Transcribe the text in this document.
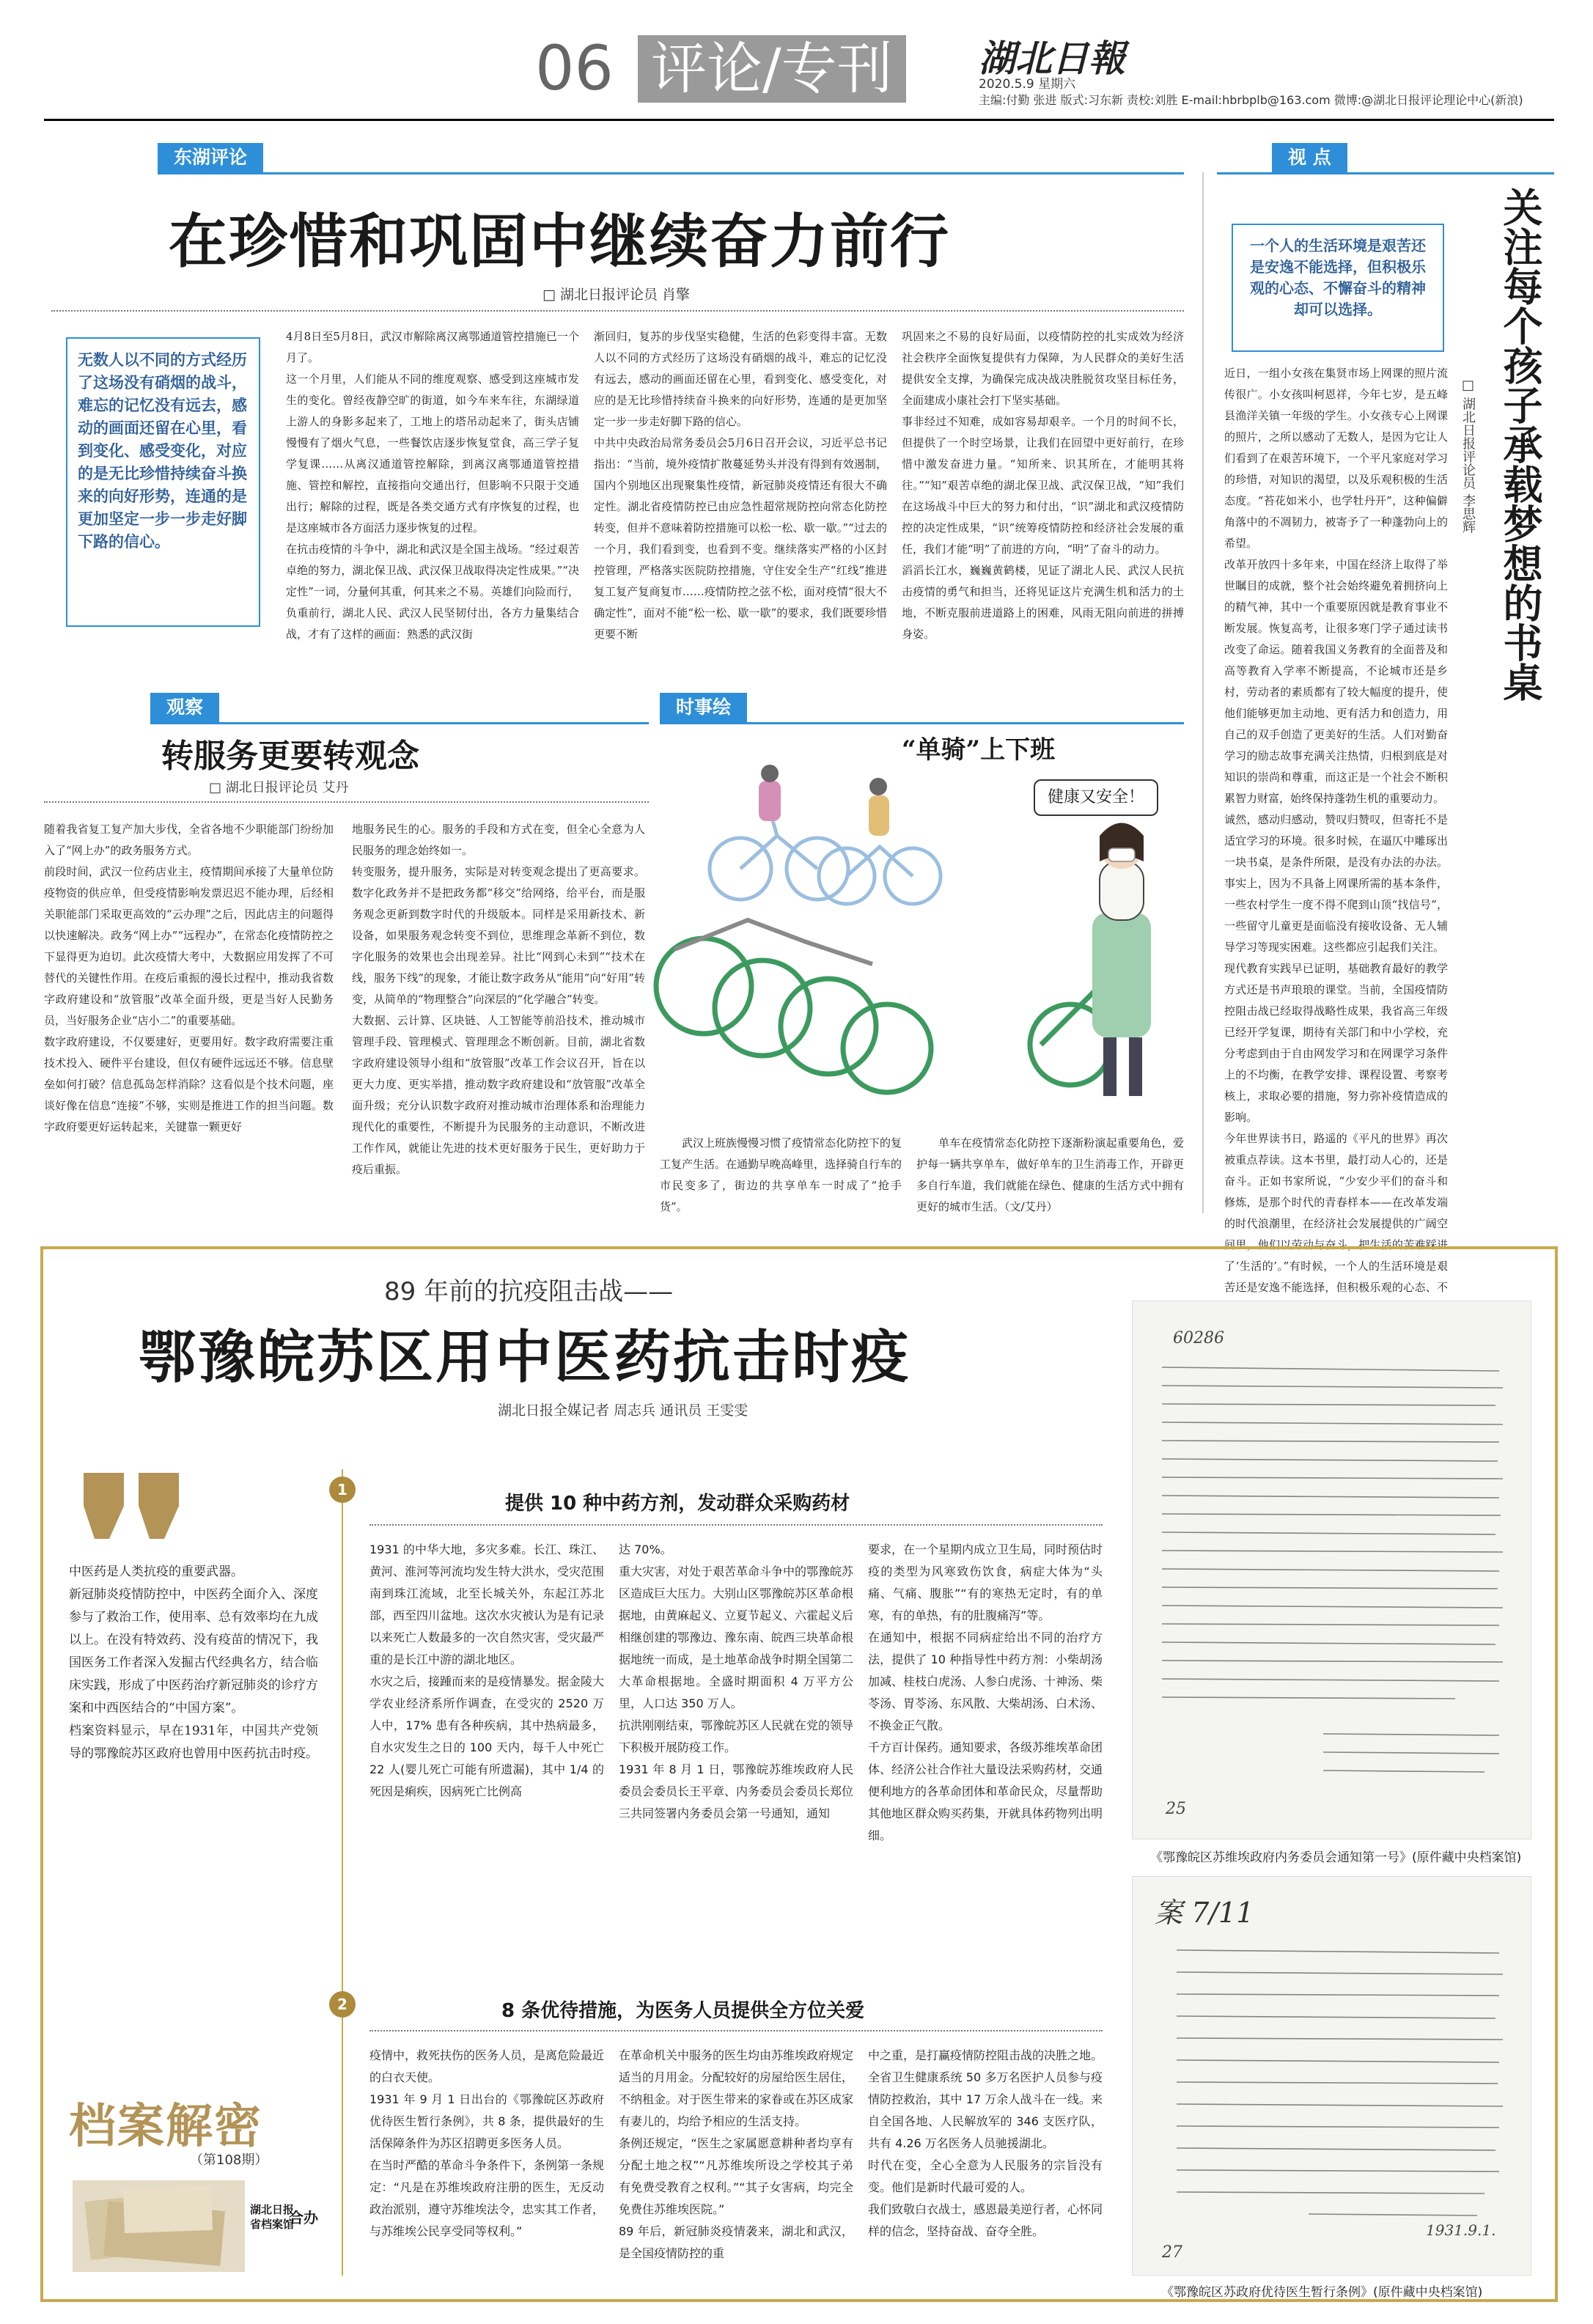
06 评论/专刊	湖北日報
2020.5.9 星期六
主编:付勤 张进 版式:习东新 责校:刘胜 E-mail:hbrbplb@163.com 微博:@湖北日报评论理论中心(新浪)
东湖评论
在珍惜和巩固中继续奋力前行
□ 湖北日报评论员 肖擎
无数人以不同的方式经历了这场没有硝烟的战斗，难忘的记忆没有远去，感动的画面还留在心里，看到变化、感受变化，对应的是无比珍惜持续奋斗换来的向好形势，连通的是更加坚定一步一步走好脚下路的信心。
4月8日至5月8日，武汉市解除离汉离鄂通道管控措施已一个月了。
这一个月里，人们能从不同的维度观察、感受到这座城市发生的变化。曾经夜静空旷的街道，如今车来车往，东湖绿道上游人的身影多起来了，工地上的塔吊动起来了，街头店铺慢慢有了烟火气息，一些餐饮店逐步恢复堂食，高三学子复学复课……从离汉通道管控解除，到离汉离鄂通道管控措施、管控和解控，直接指向交通出行，但影响不只限于交通出行；解除的过程，既是各类交通方式有序恢复的过程，也是这座城市各方面活力逐步恢复的过程。
在抗击疫情的斗争中，湖北和武汉是全国主战场。“经过艰苦卓绝的努力，湖北保卫战、武汉保卫战取得决定性成果。”“决定性”一词，分量何其重，何其来之不易。英雄们向险而行，负重前行，湖北人民、武汉人民坚韧付出，各方力量集结合战，才有了这样的画面：熟悉的武汉街
渐回归，复苏的步伐坚实稳健，生活的色彩变得丰富。无数人以不同的方式经历了这场没有硝烟的战斗，难忘的记忆没有远去，感动的画面还留在心里，看到变化、感受变化，对应的是无比珍惜持续奋斗换来的向好形势，连通的是更加坚定一步一步走好脚下路的信心。
中共中央政治局常务委员会5月6日召开会议，习近平总书记指出：“当前，境外疫情扩散蔓延势头并没有得到有效遏制，国内个别地区出现聚集性疫情，新冠肺炎疫情还有很大不确定性。湖北省疫情防控已由应急性超常规防控向常态化防控转变，但并不意味着防控措施可以松一松、歇一歇。”“过去的一个月，我们看到变，也看到不变。继续落实严格的小区封控管理，严格落实医院防控措施，守住安全生产“红线”推进复工复产复商复市……疫情防控之弦不松，面对疫情“很大不确定性”，面对不能“松一松、歇一歇”的要求，我们既要珍惜更要不断
巩固来之不易的良好局面，以疫情防控的扎实成效为经济社会秩序全面恢复提供有力保障，为人民群众的美好生活提供安全支撑，为确保完成决战决胜脱贫攻坚目标任务，全面建成小康社会打下坚实基础。
事非经过不知难，成如容易却艰辛。一个月的时间不长，但提供了一个时空场景，让我们在回望中更好前行，在珍惜中激发奋进力量。“知所来、识其所在，才能明其将往。”“知”艰苦卓绝的湖北保卫战、武汉保卫战，“知”我们在这场战斗中巨大的努力和付出，“识”湖北和武汉疫情防控的决定性成果，“识”统筹疫情防控和经济社会发展的重任，我们才能“明”了前进的方向，“明”了奋斗的动力。
滔滔长江水，巍巍黄鹤楼，见证了湖北人民、武汉人民抗击疫情的勇气和担当，还将见证这片充满生机和活力的土地，不断克服前进道路上的困难，风雨无阻向前进的拼搏身姿。
观察
转服务更要转观念
□ 湖北日报评论员 艾丹
随着我省复工复产加大步伐，全省各地不少职能部门纷纷加入了“网上办”的政务服务方式。
前段时间，武汉一位药店业主，疫情期间承接了大量单位防疫物资的供应单，但受疫情影响发票迟迟不能办理，后经相关职能部门采取更高效的“云办理”之后，因此店主的问题得以快速解决。政务“网上办”“远程办”，在常态化疫情防控之下显得更为迫切。此次疫情大考中，大数据应用发挥了不可替代的关键性作用。在疫后重振的漫长过程中，推动我省数字政府建设和“放管服”改革全面升级，更是当好人民勤务员，当好服务企业“店小二”的重要基础。
数字政府建设，不仅要建好，更要用好。数字政府需要注重技术投入、硬件平台建设，但仅有硬件远远还不够。信息壁垒如何打破？信息孤岛怎样消除？这看似是个技术问题，座谈好像在信息“连接”不够，实则是推进工作的担当问题。数字政府要更好运转起来，关键靠一颗更好
地服务民生的心。服务的手段和方式在变，但全心全意为人民服务的理念始终如一。
转变服务，提升服务，实际是对转变观念提出了更高要求。数字化政务并不是把政务都“移交”给网络，给平台，而是服务观念更新到数字时代的升级版本。同样是采用新技术、新设备，如果服务观念转变不到位，思维理念革新不到位，数字化服务的效果也会出现差异。社比“网到心未到”“技术在线，服务下线”的现象，才能让数字政务从“能用”向“好用”转变，从简单的“物理整合”向深层的“化学融合”转变。
大数据、云计算、区块链、人工智能等前沿技术，推动城市管理手段、管理模式、管理理念不断创新。目前，湖北省数字政府建设领导小组和“放管服”改革工作会议召开，旨在以更大力度、更实举措，推动数字政府建设和“放管服”改革全面升级；充分认识数字政府对推动城市治理体系和治理能力现代化的重要性，不断提升为民服务的主动意识，不断改进工作作风，就能让先进的技术更好服务于民生，更好助力于疫后重振。
时事绘
“单骑”上下班
健康又安全！
武汉上班族慢慢习惯了疫情常态化防控下的复工复产生活。在通勤早晚高峰里，选择骑自行车的市民变多了，街边的共享单车一时成了“抢手货”。
单车在疫情常态化防控下逐渐粉演起重要角色，爱护每一辆共享单车，做好单车的卫生消毒工作，开辟更多自行车道，我们就能在绿色、健康的生活方式中拥有更好的城市生活。（文/艾丹）
视 点
一个人的生活环境是艰苦还是安逸不能选择，但积极乐观的心态、不懈奋斗的精神却可以选择。	关注每个孩子承载梦想的书桌
□ 湖北日报评论员 李思辉
近日，一组小女孩在集贤市场上网课的照片流传很广。小女孩叫柯恩祥，今年七岁，是五峰县渔洋关镇一年级的学生。小女孩专心上网课的照片，之所以感动了无数人，是因为它让人们看到了在艰苦环境下，一个平凡家庭对学习的珍惜，对知识的渴望，以及乐观积极的生活态度。“苔花如米小，也学牡丹开”，这种偏僻角落中的不凋韧力，被寄予了一种蓬勃向上的希望。
改革开放四十多年来，中国在经济上取得了举世瞩目的成就，整个社会始终避免着拥挤向上的精气神，其中一个重要原因就是教育事业不断发展。恢复高考，让很多寒门学子通过读书改变了命运。随着我国义务教育的全面普及和高等教育入学率不断提高，不论城市还是乡村，劳动者的素质都有了较大幅度的提升，使他们能够更加主动地、更有活力和创造力，用自己的双手创造了更美好的生活。人们对勤奋学习的励志故事充满关注热情，归根到底是对知识的崇尚和尊重，而这正是一个社会不断积累智力财富，始终保持蓬勃生机的重要动力。
诚然，感动归感动，赞叹归赞叹，但寄托不是适宜学习的环境。很多时候，在逼仄中雕琢出一块书桌，是条件所限，是没有办法的办法。事实上，因为不具备上网课所需的基本条件，一些农村学生一度不得不爬到山顶“找信号”，一些留守儿童更是面临没有接收设备、无人辅导学习等现实困难。这些都应引起我们关注。
现代教育实践早已证明，基础教育最好的教学方式还是书声琅琅的课堂。当前，全国疫情防控阻击战已经取得战略性成果，我省高三年级已经开学复课，期待有关部门和中小学校，充分考虑到由于自由网发学习和在网课学习条件上的不均衡，在教学安排、课程设置、考察考核上，求取必要的措施，努力弥补疫情造成的影响。
今年世界读书日，路遥的《平凡的世界》再次被重点荐读。这本书里，最打动人心的，还是奋斗。正如书家所说，“少安少平们的奋斗和修炼，是那个时代的青春样本——在改革发端的时代浪潮里，在经济社会发展提供的广阔空间里，他们以劳动与奋斗，把生活的苦难踩进了‘生活的’。”有时候，一个人的生活环境是艰苦还是安逸不能选择，但积极乐观的心态、不
89 年前的抗疫阻击战——
鄂豫皖苏区用中医药抗击时疫
湖北日报全媒记者 周志兵 通讯员 王雯雯
中医药是人类抗疫的重要武器。
新冠肺炎疫情防控中，中医药全面介入、深度参与了救治工作，使用率、总有效率均在九成以上。在没有特效药、没有疫苗的情况下，我国医务工作者深入发掘古代经典名方，结合临床实践，形成了中医药治疗新冠肺炎的诊疗方案和中西医结合的“中国方案”。
档案资料显示，早在1931年，中国共产党领导的鄂豫皖苏区政府也曾用中医药抗击时疫。
档案解密
（第108期）
湖北日报 省档案馆
合办
1
提供 10 种中药方剂，发动群众采购药材
1931 的中华大地，多灾多难。长江、珠江、黄河、淮河等河流均发生特大洪水，受灾范围南到珠江流域，北至长城关外，东起江苏北部，西至四川盆地。这次水灾被认为是有记录以来死亡人数最多的一次自然灾害，受灾最严重的是长江中游的湖北地区。
水灾之后，接踵而来的是疫情暴发。据金陵大学农业经济系所作调查，在受灾的 2520 万人中，17% 患有各种疾病，其中热病最多，自水灾发生之日的 100 天内，每千人中死亡 22 人(婴儿死亡可能有所遗漏)，其中 1/4 的死因是痢疾，因病死亡比例高
达 70%。
重大灾害，对处于艰苦革命斗争中的鄂豫皖苏区造成巨大压力。大别山区鄂豫皖苏区革命根据地，由黄麻起义、立夏节起义、六霍起义后相继创建的鄂豫边、豫东南、皖西三块革命根据地统一而成，是土地革命战争时期全国第二大革命根据地。全盛时期面积 4 万平方公里，人口达 350 万人。
抗洪刚刚结束，鄂豫皖苏区人民就在党的领导下积极开展防疫工作。
1931 年 8 月 1 日，鄂豫皖苏维埃政府人民委员会委员长王平章、内务委员会委员长郑位三共同签署内务委员会第一号通知，通知
要求，在一个星期内成立卫生局，同时预估时疫的类型为风寒致伤饮食，病症大体为“头痛、气痛、腹胀”“有的寒热无定时，有的单寒，有的单热，有的肚腹痛泻”等。
在通知中，根据不同病症给出不同的治疗方法，提供了 10 种指导性中药方剂：小柴胡汤加减、桂枝白虎汤、人参白虎汤、十神汤、柴苓汤、胃苓汤、东风散、大柴胡汤、白术汤、不换金正气散。
千方百计保药。通知要求，各级苏维埃革命团体、经济公社合作社大量设法采购药材，交通便利地方的各革命团体和革命民众，尽量帮助其他地区群众购买药集，开就具体药物列出明细。
2	8 条优待措施，为医务人员提供全方位关爱
疫情中，救死扶伤的医务人员，是离危险最近的白衣天使。
1931 年 9 月 1 日出台的《鄂豫皖区苏政府优待医生暂行条例》，共 8 条，提供最好的生活保障条件为苏区招聘更多医务人员。
在当时严酷的革命斗争条件下，条例第一条规定：“凡是在苏维埃政府注册的医生，无反动政治派别，遵守苏维埃法令，忠实其工作者，与苏维埃公民享受同等权利。”
在革命机关中服务的医生均由苏维埃政府规定适当的月用金。分配较好的房屋给医生居住，不纳租金。对于医生带来的家眷或在苏区成家有妻儿的，均给予相应的生活支持。
条例还规定，“医生之家属愿意耕种者均享有分配土地之权”“凡苏维埃所设之学校其子弟有免费受教育之权利。”“其子女害病，均完全免费住苏维埃医院。”
89 年后，新冠肺炎疫情袭来，湖北和武汉，是全国疫情防控的重
中之重，是打赢疫情防控阻击战的决胜之地。
全省卫生健康系统 50 多万名医护人员参与疫情防控救治，其中 17 万余人战斗在一线。来自全国各地、人民解放军的 346 支医疗队，共有 4.26 万名医务人员驰援湖北。
时代在变，全心全意为人民服务的宗旨没有变。他们是新时代最可爱的人。
我们致敬白衣战士，感恩最美逆行者，心怀同样的信念，坚持奋战、奋夺全胜。
60286
25
《鄂豫皖区苏维埃政府内务委员会通知第一号》(原件藏中央档案馆)
案 7/11
1931.9.1.
27
《鄂豫皖区苏政府优待医生暂行条例》(原件藏中央档案馆)
